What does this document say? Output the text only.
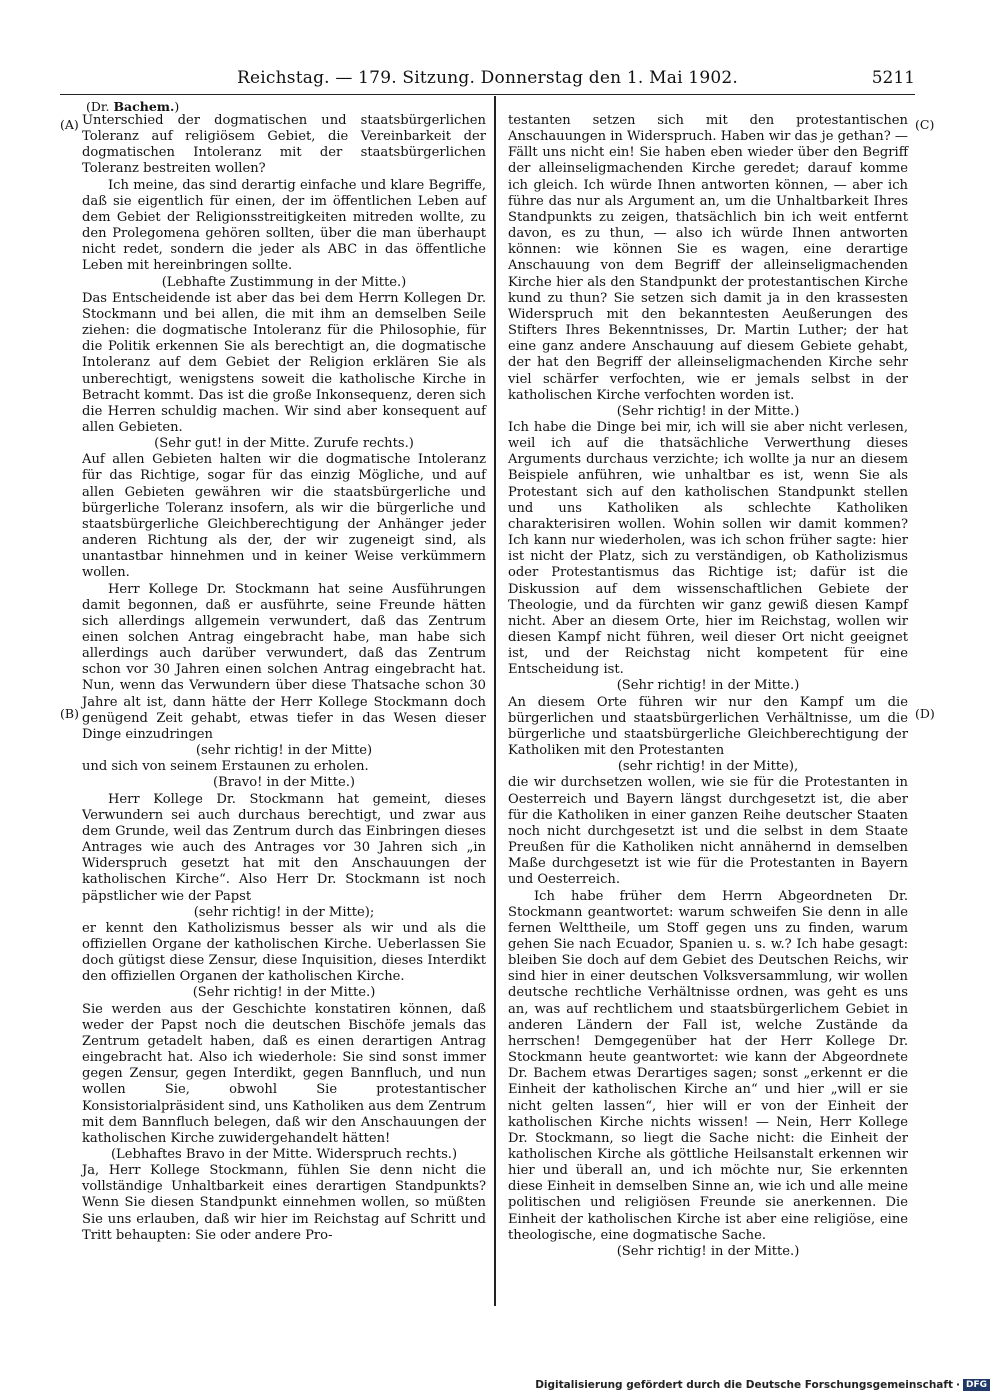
Reichstag. — 179. Sitzung. Donnerstag den 1. Mai 1902.	5211
(Dr. Bachem.)
(A)
(B)
(C)
(D)

Unterschied der dogmatischen und staatsbürgerlichen Toleranz auf religiösem Gebiet, die Vereinbarkeit der dogmatischen Intoleranz mit der staatsbürgerlichen Toleranz bestreiten wollen?

Ich meine, das sind derartig einfache und klare Begriffe, daß sie eigentlich für einen, der im öffentlichen Leben auf dem Gebiet der Religionsstreitigkeiten mitreden wollte, zu den Prolegomena gehören sollten, über die man überhaupt nicht redet, sondern die jeder als ABC in das öffentliche Leben mit hereinbringen sollte.

(Lebhafte Zustimmung in der Mitte.)

Das Entscheidende ist aber das bei dem Herrn Kollegen Dr. Stockmann und bei allen, die mit ihm an demselben Seile ziehen: die dogmatische Intoleranz für die Philosophie, für die Politik erkennen Sie als berechtigt an, die dogmatische Intoleranz auf dem Gebiet der Religion erklären Sie als unberechtigt, wenigstens soweit die katholische Kirche in Betracht kommt. Das ist die große Inkonsequenz, deren sich die Herren schuldig machen. Wir sind aber konsequent auf allen Gebieten.

(Sehr gut! in der Mitte. Zurufe rechts.)

Auf allen Gebieten halten wir die dogmatische Intoleranz für das Richtige, sogar für das einzig Mögliche, und auf allen Gebieten gewähren wir die staatsbürgerliche und bürgerliche Toleranz insofern, als wir die bürgerliche und staatsbürgerliche Gleichberechtigung der Anhänger jeder anderen Richtung als der, der wir zugeneigt sind, als unantastbar hinnehmen und in keiner Weise verkümmern wollen.

Herr Kollege Dr. Stockmann hat seine Ausführungen damit begonnen, daß er ausführte, seine Freunde hätten sich allerdings allgemein verwundert, daß das Zentrum einen solchen Antrag eingebracht habe, man habe sich allerdings auch darüber verwundert, daß das Zentrum schon vor 30 Jahren einen solchen Antrag eingebracht hat. Nun, wenn das Verwundern über diese Thatsache schon 30 Jahre alt ist, dann hätte der Herr Kollege Stockmann doch genügend Zeit gehabt, etwas tiefer in das Wesen dieser Dinge einzudringen

(sehr richtig! in der Mitte)

und sich von seinem Erstaunen zu erholen.

(Bravo! in der Mitte.)

Herr Kollege Dr. Stockmann hat gemeint, dieses Verwundern sei auch durchaus berechtigt, und zwar aus dem Grunde, weil das Zentrum durch das Einbringen dieses Antrages wie auch des Antrages vor 30 Jahren sich „in Widerspruch gesetzt hat mit den Anschauungen der katholischen Kirche“. Also Herr Dr. Stockmann ist noch päpstlicher wie der Papst

(sehr richtig! in der Mitte);

er kennt den Katholizismus besser als wir und als die offiziellen Organe der katholischen Kirche. Ueberlassen Sie doch gütigst diese Zensur, diese Inquisition, dieses Interdikt den offiziellen Organen der katholischen Kirche.

(Sehr richtig! in der Mitte.)

Sie werden aus der Geschichte konstatiren können, daß weder der Papst noch die deutschen Bischöfe jemals das Zentrum getadelt haben, daß es einen derartigen Antrag eingebracht hat. Also ich wiederhole: Sie sind sonst immer gegen Zensur, gegen Interdikt, gegen Bannfluch, und nun wollen Sie, obwohl Sie protestantischer Konsistorialpräsident sind, uns Katholiken aus dem Zentrum mit dem Bannfluch belegen, daß wir den Anschauungen der katholischen Kirche zuwidergehandelt hätten!

(Lebhaftes Bravo in der Mitte. Widerspruch rechts.)

Ja, Herr Kollege Stockmann, fühlen Sie denn nicht die vollständige Unhaltbarkeit eines derartigen Standpunkts? Wenn Sie diesen Standpunkt einnehmen wollen, so müßten Sie uns erlauben, daß wir hier im Reichstag auf Schritt und Tritt behaupten: Sie oder andere Pro-

testanten setzen sich mit den protestantischen Anschauungen in Widerspruch. Haben wir das je gethan? — Fällt uns nicht ein! Sie haben eben wieder über den Begriff der alleinseligmachenden Kirche geredet; darauf komme ich gleich. Ich würde Ihnen antworten können, — aber ich führe das nur als Argument an, um die Unhaltbarkeit Ihres Standpunkts zu zeigen, thatsächlich bin ich weit entfernt davon, es zu thun, — also ich würde Ihnen antworten können: wie können Sie es wagen, eine derartige Anschauung von dem Begriff der alleinseligmachenden Kirche hier als den Standpunkt der protestantischen Kirche kund zu thun? Sie setzen sich damit ja in den krassesten Widerspruch mit den bekanntesten Aeußerungen des Stifters Ihres Bekenntnisses, Dr. Martin Luther; der hat eine ganz andere Anschauung auf diesem Gebiete gehabt, der hat den Begriff der alleinseligmachenden Kirche sehr viel schärfer verfochten, wie er jemals selbst in der katholischen Kirche verfochten worden ist.

(Sehr richtig! in der Mitte.)

Ich habe die Dinge bei mir, ich will sie aber nicht verlesen, weil ich auf die thatsächliche Verwerthung dieses Arguments durchaus verzichte; ich wollte ja nur an diesem Beispiele anführen, wie unhaltbar es ist, wenn Sie als Protestant sich auf den katholischen Standpunkt stellen und uns Katholiken als schlechte Katholiken charakterisiren wollen. Wohin sollen wir damit kommen? Ich kann nur wiederholen, was ich schon früher sagte: hier ist nicht der Platz, sich zu verständigen, ob Katholizismus oder Protestantismus das Richtige ist; dafür ist die Diskussion auf dem wissenschaftlichen Gebiete der Theologie, und da fürchten wir ganz gewiß diesen Kampf nicht. Aber an diesem Orte, hier im Reichstag, wollen wir diesen Kampf nicht führen, weil dieser Ort nicht geeignet ist, und der Reichstag nicht kompetent für eine Entscheidung ist.

(Sehr richtig! in der Mitte.)

An diesem Orte führen wir nur den Kampf um die bürgerlichen und staatsbürgerlichen Verhältnisse, um die bürgerliche und staatsbürgerliche Gleichberechtigung der Katholiken mit den Protestanten

(sehr richtig! in der Mitte),

die wir durchsetzen wollen, wie sie für die Protestanten in Oesterreich und Bayern längst durchgesetzt ist, die aber für die Katholiken in einer ganzen Reihe deutscher Staaten noch nicht durchgesetzt ist und die selbst in dem Staate Preußen für die Katholiken nicht annähernd in demselben Maße durchgesetzt ist wie für die Protestanten in Bayern und Oesterreich.

Ich habe früher dem Herrn Abgeordneten Dr. Stockmann geantwortet: warum schweifen Sie denn in alle fernen Welttheile, um Stoff gegen uns zu finden, warum gehen Sie nach Ecuador, Spanien u. s. w.? Ich habe gesagt: bleiben Sie doch auf dem Gebiet des Deutschen Reichs, wir sind hier in einer deutschen Volksversammlung, wir wollen deutsche rechtliche Verhältnisse ordnen, was geht es uns an, was auf rechtlichem und staatsbürgerlichem Gebiet in anderen Ländern der Fall ist, welche Zustände da herrschen! Demgegenüber hat der Herr Kollege Dr. Stockmann heute geantwortet: wie kann der Abgeordnete Dr. Bachem etwas Derartiges sagen; sonst „erkennt er die Einheit der katholischen Kirche an“ und hier „will er sie nicht gelten lassen“, hier will er von der Einheit der katholischen Kirche nichts wissen! — Nein, Herr Kollege Dr. Stockmann, so liegt die Sache nicht: die Einheit der katholischen Kirche als göttliche Heilsanstalt erkennen wir hier und überall an, und ich möchte nur, Sie erkennten diese Einheit in demselben Sinne an, wie ich und alle meine politischen und religiösen Freunde sie anerkennen. Die Einheit der katholischen Kirche ist aber eine religiöse, eine theologische, eine dogmatische Sache.

(Sehr richtig! in der Mitte.)

Digitalisierung gefördert durch die Deutsche Forschungsgemeinschaft · DFG
